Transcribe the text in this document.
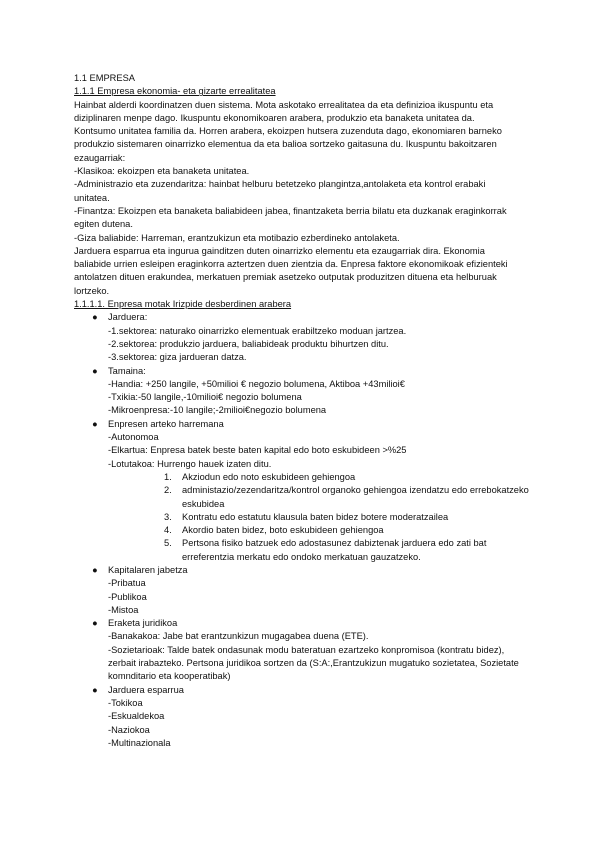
1.1 EMPRESA

1.1.1 Empresa ekonomia- eta gizarte errealitatea

Hainbat alderdi koordinatzen duen sistema. Mota askotako errealitatea da eta definizioa ikuspuntu eta

diziplinaren menpe dago. Ikuspuntu ekonomikoaren arabera, produkzio eta banaketa unitatea da.

Kontsumo unitatea familia da. Horren arabera, ekoizpen hutsera zuzenduta dago, ekonomiaren barneko

produkzio sistemaren oinarrizko elementua da eta balioa sortzeko gaitasuna du. Ikuspuntu bakoitzaren

ezaugarriak:

-Klasikoa: ekoizpen eta banaketa unitatea.

-Administrazio eta zuzendaritza: hainbat helburu betetzeko plangintza,antolaketa eta kontrol erabaki

unitatea.

-Finantza: Ekoizpen eta banaketa baliabideen jabea, finantzaketa berria bilatu eta duzkanak eraginkorrak

egiten dutena.

-Giza baliabide: Harreman, erantzukizun eta motibazio ezberdineko antolaketa.

Jarduera esparrua eta ingurua gainditzen duten oinarrizko elementu eta ezaugarriak dira. Ekonomia

baliabide urrien esleipen eraginkorra aztertzen duen zientzia da. Enpresa faktore ekonomikoak efizienteki

antolatzen dituen erakundea, merkatuen premiak asetzeko outputak produzitzen dituena eta helburuak

lortzeko.

1.1.1.1. Enpresa motak Irizpide desberdinen arabera

● Jarduera:

-1.sektorea: naturako oinarrizko elementuak erabiltzeko moduan jartzea.

-2.sektorea: produkzio jarduera, baliabideak produktu bihurtzen ditu.

-3.sektorea: giza jardueran datza.

● Tamaina:

-Handia: +250 langile, +50milioi € negozio bolumena, Aktiboa +43milioi€

-Txikia:-50 langile,-10milioi€ negozio bolumena

-Mikroenpresa:-10 langile;-2milioi€negozio bolumena

● Enpresen arteko harremana

-Autonomoa

-Elkartua: Enpresa batek beste baten kapital edo boto eskubideen >%25

-Lotutakoa: Hurrengo hauek izaten ditu.

1. Akziodun edo noto eskubideen gehiengoa

2. administazio/zezendaritza/kontrol organoko gehiengoa izendatzu edo errebokatzeko

eskubidea

3. Kontratu edo estatutu klausula baten bidez botere moderatzailea

4. Akordio baten bidez, boto eskubideen gehiengoa

5. Pertsona fisiko batzuek edo adostasunez dabiztenak jarduera edo zati bat

erreferentzia merkatu edo ondoko merkatuan gauzatzeko.

● Kapitalaren jabetza

-Pribatua

-Publikoa

-Mistoa

● Eraketa juridikoa

-Banakakoa: Jabe bat erantzunkizun mugagabea duena (ETE).

-Sozietarioak: Talde batek ondasunak modu bateratuan ezartzeko konpromisoa (kontratu bidez),

zerbait irabazteko. Pertsona juridikoa sortzen da (S:A:,Erantzukizun mugatuko sozietatea, Sozietate

komnditario eta kooperatibak)

● Jarduera esparrua

-Tokikoa

-Eskualdekoa

-Naziokoa

-Multinazionala
